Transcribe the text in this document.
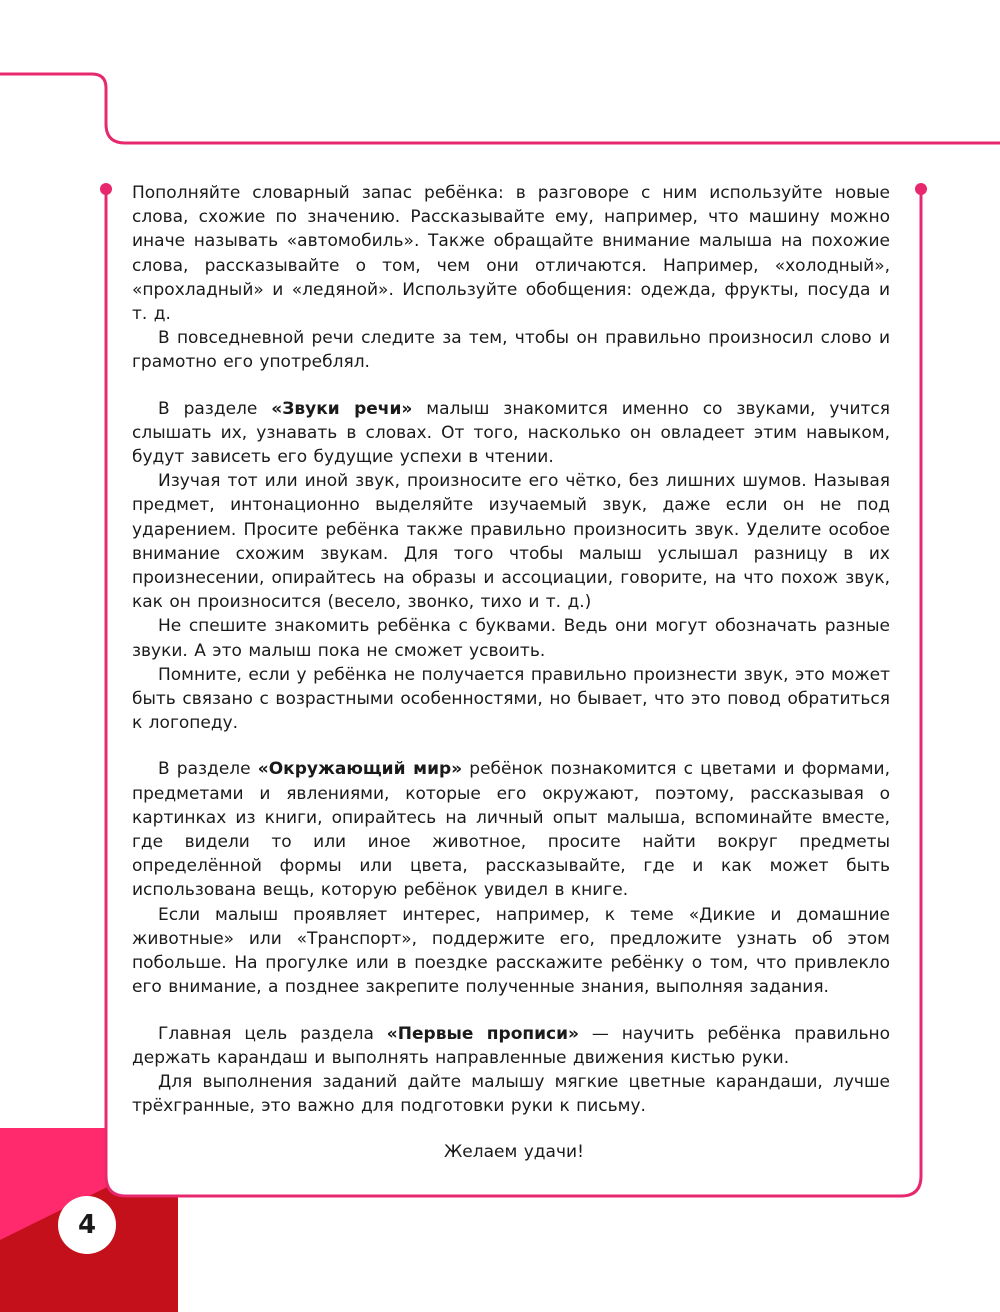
4

Пополняйте словарный запас ребёнка: в разговоре с ним используйте новые слова, схожие по значению. Рассказывайте ему, например, что машину можно иначе называть «автомобиль». Также обращайте внимание малыша на похожие слова, рассказывайте о том, чем они отличаются. Например, «холодный», «прохладный» и «ледяной». Используйте обобщения: одежда, фрукты, посуда и т. д.

В повседневной речи следите за тем, чтобы он правильно произносил слово и грамотно его употреблял.

В разделе «Звуки речи» малыш знакомится именно со звуками, учится слышать их, узнавать в словах. От того, насколько он овладеет этим навыком, будут зависеть его будущие успехи в чтении.

Изучая тот или иной звук, произносите его чётко, без лишних шумов. Называя предмет, интонационно выделяйте изучаемый звук, даже если он не под ударением. Просите ребёнка также правильно произносить звук. Уделите особое внимание схожим звукам. Для того чтобы малыш услышал разницу в их произнесении, опирайтесь на образы и ассоциации, говорите, на что похож звук, как он произносится (весело, звонко, тихо и т. д.)

Не спешите знакомить ребёнка с буквами. Ведь они могут обозначать разные звуки. А это малыш пока не сможет усвоить.

Помните, если у ребёнка не получается правильно произнести звук, это может быть связано с возрастными особенностями, но бывает, что это повод обратиться к логопеду.

В разделе «Окружающий мир» ребёнок познакомится с цветами и формами, предметами и явлениями, которые его окружают, поэтому, рассказывая о картинках из книги, опирайтесь на личный опыт малыша, вспоминайте вместе, где видели то или иное животное, просите найти вокруг предметы определённой формы или цвета, рассказывайте, где и как может быть использована вещь, которую ребёнок увидел в книге.

Если малыш проявляет интерес, например, к теме «Дикие и домашние животные» или «Транспорт», поддержите его, предложите узнать об этом побольше. На прогулке или в поездке расскажите ребёнку о том, что привлекло его внимание, а позднее закрепите полученные знания, выполняя задания.

Главная цель раздела «Первые прописи» — научить ребёнка правильно держать карандаш и выполнять направленные движения кистью руки.

Для выполнения заданий дайте малышу мягкие цветные карандаши, лучше трёхгранные, это важно для подготовки руки к письму.

Желаем удачи!
